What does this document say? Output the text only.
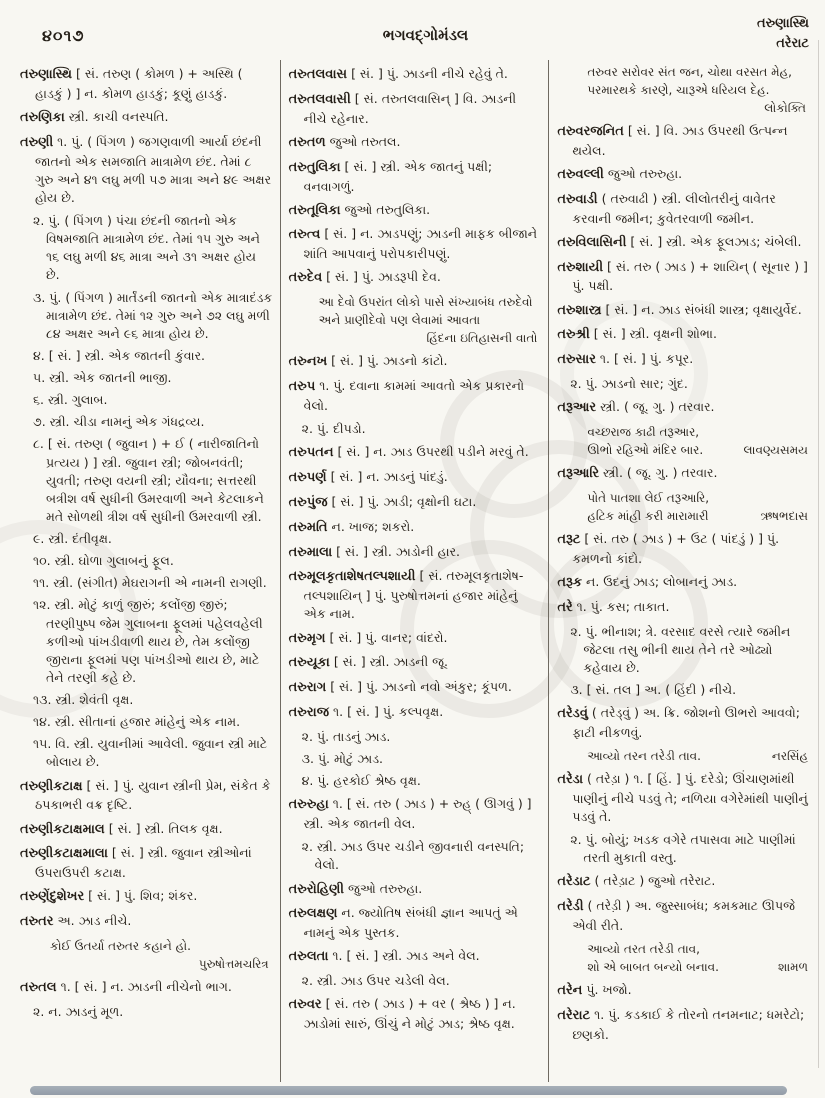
૪૦૧૭	ભગવદ્ગોમંડલ
તરુણાસ્થિ
તરેરાટ
તરુણાસ્થિ [ સં. તરુણ ( કોમળ ) + અસ્થિ ( હાડકું ) ] ન. કોમળ હાડકું; કૂણું હાડકું.
તરુણિકા સ્ત્રી. કાચી વનસ્પતિ.
તરુણી ૧. પું. ( પિંગળ ) જગણવાળી આર્યા છંદની જાતનો એક સમજાતિ માત્રામેળ છંદ. તેમાં ૮ ગુરુ અને ૪૧ લઘુ મળી ૫૭ માત્રા અને ૪૯ અક્ષર હોય છે.
૨. પું. ( પિંગળ ) પંચા છંદની જાતનો એક વિષમજાતિ માત્રામેળ છંદ. તેમાં ૧૫ ગુરુ અને ૧૬ લઘુ મળી ૪૬ માત્રા અને ૩૧ અક્ષર હોય છે.
૩. પું. ( પિંગળ ) માર્તંડની જાતનો એક માત્રાદંડક માત્રામેળ છંદ. તેમાં ૧૨ ગુરુ અને ૭૨ લઘુ મળી ૮૪ અક્ષર અને ૯૬ માત્રા હોય છે.
૪. [ સં. ] સ્ત્રી. એક જાતની કુંવાર.
૫. સ્ત્રી. એક જાતની ભાજી.
૬. સ્ત્રી. ગુલાબ.
૭. સ્ત્રી. ચીડા નામનું એક ગંધદ્રવ્ય.
૮. [ સં. તરુણ ( જુવાન ) + ઈ ( નારીજાતિનો પ્રત્યય ) ] સ્ત્રી. જુવાન સ્ત્રી; જોબનવંતી; યુવતી; તરુણ વયની સ્ત્રી; યૌવના; સત્તરથી બત્રીશ વર્ષ સુધીની ઉમરવાળી અને કેટલાકને મતે સોળથી ત્રીશ વર્ષ સુધીની ઉમરવાળી સ્ત્રી.
૯. સ્ત્રી. દંતીવૃક્ષ.
૧૦. સ્ત્રી. ઘોળા ગુલાબનું ફૂલ.
૧૧. સ્ત્રી. (સંગીત) મેઘરાગની એ નામની રાગણી.
૧૨. સ્ત્રી. મોટું કાળું જીરું; કલોંજી જીરું; તરણીપુષ્પ જેમ ગુલાબના ફૂલમાં પહેલવહેલી કળીઓ પાંખડીવાળી થાય છે, તેમ કલોંજી જીરાના ફૂલમાં પણ પાંખડીઓ થાય છે, માટે તેને તરણી કહે છે.
૧૩. સ્ત્રી. શેવંતી વૃક્ષ.
૧૪. સ્ત્રી. સીતાનાં હજાર માંહેનું એક નામ.
૧૫. વિ. સ્ત્રી. યુવાનીમાં આવેલી. જુવાન સ્ત્રી માટે બોલાય છે.
તરુણીકટાક્ષ [ સં. ] પું. યુવાન સ્ત્રીની પ્રેમ, સંકેત કે ઠપકાભરી વક્ર દૃષ્ટિ.
તરુણીકટાક્ષમાલ [ સં. ] સ્ત્રી. તિલક વૃક્ષ.
તરુણીકટાક્ષમાલા [ સં. ] સ્ત્રી. જુવાન સ્ત્રીઓનાં ઉપરાઉપરી કટાક્ષ.
તરુણેંદુશેખર [ સં. ] પું. શિવ; શંકર.
તરુતર અ. ઝાડ નીચે.
કોઈ ઉતર્યા તરુતર કહાને હો.
પુરુષોત્તમચરિત્ર
તરુતલ ૧. [ સં. ] ન. ઝાડની નીચેનો ભાગ.
૨. ન. ઝાડનું મૂળ.
તરુતલવાસ [ સં. ] પું. ઝાડની નીચે રહેવું તે.
તરુતલવાસી [ સં. તરુતલવાસિન્ ] વિ. ઝાડની નીચે રહેનાર.
તરુતળ જુઓ તરુતલ.
તરુતુલિકા [ સં. ] સ્ત્રી. એક જાતનું પક્ષી; વનવાગળું.
તરુતૂલિકા જુઓ તરુતુલિકા.
તરુત્વ [ સં. ] ન. ઝાડપણું; ઝાડની માફક બીજાને શાંતિ આપવાનું પરોપકારીપણું.
તરુદેવ [ સં. ] પું. ઝાડરૂપી દેવ.
આ દેવો ઉપરાંત લોકો પાસે સંખ્યાબંધ તરુદેવો
અને પ્રાણીદેવો પણ લેવામાં આવતા
હિંદના ઇતિહાસની વાતો
તરુનખ [ સં. ] પું. ઝાડનો કાંટો.
તરુપ ૧. પું. દવાના કામમાં આવતો એક પ્રકારનો વેલો.
૨. પું. દીપડો.
તરુપતન [ સં. ] ન. ઝાડ ઉપરથી પડીને મરવું તે.
તરુપર્ણ [ સં. ] ન. ઝાડનું પાંદડું.
તરુપુંજ [ સં. ] પું. ઝાડી; વૃક્ષોની ઘટા.
તરુમતિ ન. ખાજ; શકરો.
તરુમાલા [ સં. ] સ્ત્રી. ઝાડોની હાર.
તરુમૂલકૃતાશેષતલ્પશાયી [ સં. તરુમૂલકૃતાશેષ-તલ્પશાયિન્ ] પું. પુરુષોત્તમનાં હજાર માંહેનું એક નામ.
તરુમૃગ [ સં. ] પું. વાનર; વાંદરો.
તરુયૂકા [ સં. ] સ્ત્રી. ઝાડની જૂ.
તરુરાગ [ સં. ] પું. ઝાડનો નવો અંકુર; કૂંપળ.
તરુરાજ ૧. [ સં. ] પું. કલ્પવૃક્ષ.
૨. પું. તાડનું ઝાડ.
૩. પું. મોટું ઝાડ.
૪. પું. હરકોઈ શ્રેષ્ઠ વૃક્ષ.
તરુરુહા ૧. [ સં. તરુ ( ઝાડ ) + રુહ્ ( ઊગવું ) ] સ્ત્રી. એક જાતની વેલ.
૨. સ્ત્રી. ઝાડ ઉપર ચડીને જીવનારી વનસ્પતિ; વેલો.
તરુરોહિણી જુઓ તરુરુહા.
તરુલક્ષણ ન. જ્યોતિષ સંબંધી જ્ઞાન આપતું એ નામનું એક પુસ્તક.
તરુલતા ૧. [ સં. ] સ્ત્રી. ઝાડ અને વેલ.
૨. સ્ત્રી. ઝાડ ઉપર ચડેલી વેલ.
તરુવર [ સં. તરુ ( ઝાડ ) + વર ( શ્રેષ્ઠ ) ] ન. ઝાડોમાં સારું, ઊંચું ને મોટું ઝાડ; શ્રેષ્ઠ વૃક્ષ.
તરુવર સરોવર સંત જન, ચોથા વરસત મેહ,
પરમારથકે કારણે, ચારૂએ ધરિયલ દેહ.
લોકોક્તિ
તરુવરજનિત [ સં. ] વિ. ઝાડ ઉપરથી ઉત્પન્ન થયેલ.
તરુવલ્લી જુઓ તરુરુહા.
તરુવાડી ( તરુવાઢી ) સ્ત્રી. લીલોતરીનું વાવેતર કરવાની જમીન; કુવેતરવાળી જમીન.
તરુવિલાસિની [ સં. ] સ્ત્રી. એક ફૂલઝાડ; ચંબેલી.
તરુશાયી [ સં. તરુ ( ઝાડ ) + શાયિન્ ( સૂનાર ) ] પું. પક્ષી.
તરુશાસ્ત્ર [ સં. ] ન. ઝાડ સંબંધી શાસ્ત્ર; વૃક્ષાયુર્વેદ.
તરુશ્રી [ સં. ] સ્ત્રી. વૃક્ષની શોભા.
તરુસાર ૧. [ સં. ] પું. કપૂર.
૨. પું. ઝાડનો સાર; ગુંદ.
તરૂઆર સ્ત્રી. ( જૂ. ગુ. ) તરવાર.
વચ્છરાજ કાઢી તરૂઆર,
ઊભો રહિઓ મંદિર બાર.	લાવણ્યસમય
તરૂઆરિ સ્ત્રી. ( જૂ. ગુ. ) તરવાર.
પોતે પાતશા લેઈ તરૂઆરિ,
હટિક માંહી કરી મારામારી	ઋષભદાસ
તરૂટ [ સં. તરુ ( ઝાડ ) + ઉટ ( પાંદડું ) ] પું. કમળનો કાંદો.
તરૂક ન. ઉદનું ઝાડ; લોબાનનું ઝાડ.
તરે ૧. પું. કસ; તાકાત.
૨. પું. ભીનાશ; ત્રે. વરસાદ વરસે ત્યારે જમીન જેટલા તસુ ભીની થાય તેને તરે ઓઢ્યો કહેવાય છે.
૩. [ સં. તલ ] અ. ( હિંદી ) નીચે.
તરેડવું ( તરેડ્વું ) અ. ક્રિ. જોશનો ઊભરો આવવો; ફાટી નીકળવું.
આવ્યો તરન તરેડી તાવ.	નરસિંહ
તરેડા ( તરેડ઼ા ) ૧. [ હિં. ] પું. દરેડો; ઊંચાણમાંથી પાણીનું નીચે પડવું તે; નળિયા વગેરેમાંથી પાણીનું પડવું તે.
૨. પું. બોયું; ખડક વગેરે તપાસવા માટે પાણીમાં તરતી મુકાતી વસ્તુ.
તરેડાટ ( તરેડ઼ાટ ) જુઓ તરેરાટ.
તરેડી ( તરેડ઼ી ) અ. જુસ્સાબંધ; કમકમાટ ઊપજે એવી રીતે.
આવ્યો તરત તરેડી તાવ,
શો એ બાબત બન્યો બનાવ.	શામળ
તરેન પું. ખજો.
તરેરાટ ૧. પું. કડકાઈ કે તોરનો તનમનાટ; ધમરેટો; છણકો.
